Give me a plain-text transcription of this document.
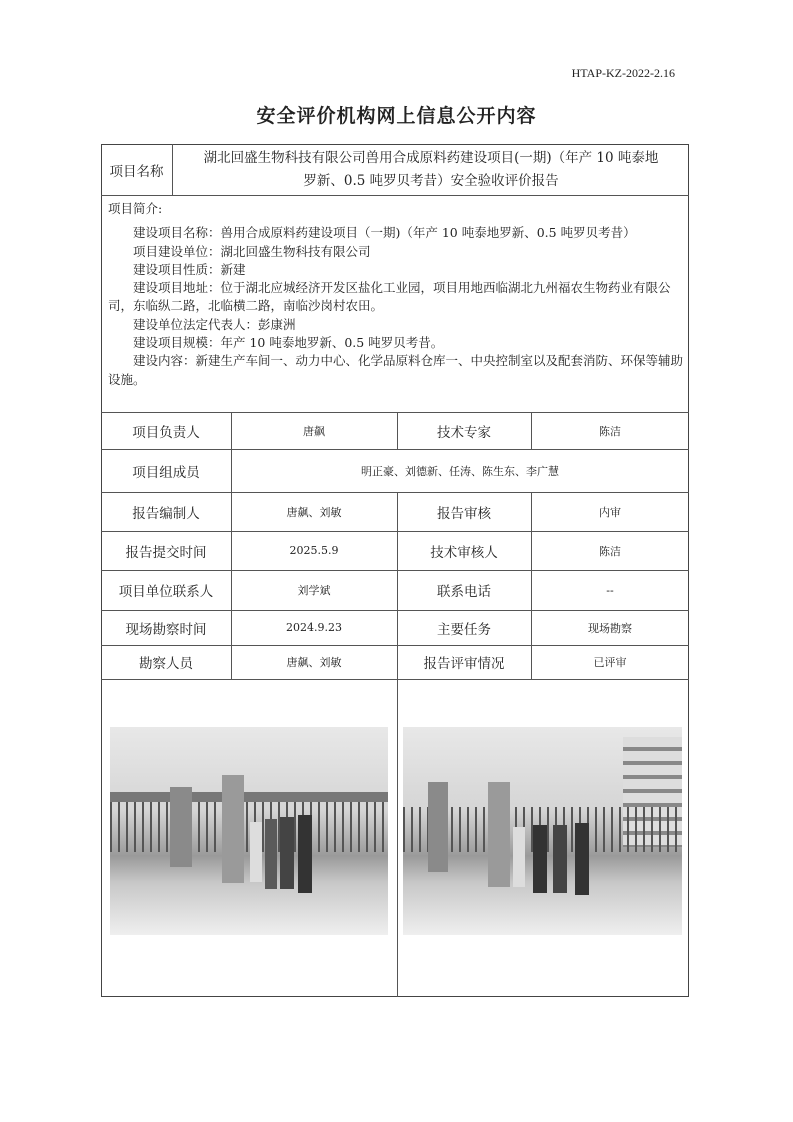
HTAP-KZ-2022-2.16
安全评价机构网上信息公开内容
项目名称
湖北回盛生物科技有限公司兽用合成原料药建设项目(一期)（年产 10 吨泰地
罗新、0.5 吨罗贝考昔）安全验收评价报告

项目简介:

建设项目名称：兽用合成原料药建设项目（一期)（年产 10 吨泰地罗新、0.5 吨罗贝考昔）

项目建设单位：湖北回盛生物科技有限公司

建设项目性质：新建

建设项目地址：位于湖北应城经济开发区盐化工业园，项目用地西临湖北九州福农生物药业有限公司，东临纵二路，北临横二路，南临沙岗村农田。

建设单位法定代表人：彭康洲

建设项目规模：年产 10 吨泰地罗新、0.5 吨罗贝考昔。

建设内容：新建生产车间一、动力中心、化学品原料仓库一、中央控制室以及配套消防、环保等辅助设施。

项目负责人	唐飙	技术专家	陈洁
项目组成员	明正豪、刘德新、任涛、陈生东、李广慧
报告编制人	唐飙、刘敏	报告审核	内审
报告提交时间	2025.5.9	技术审核人	陈洁
项目单位联系人	刘学斌	联系电话	--
现场勘察时间	2024.9.23	主要任务	现场勘察
勘察人员	唐飙、刘敏	报告评审情况	已评审
